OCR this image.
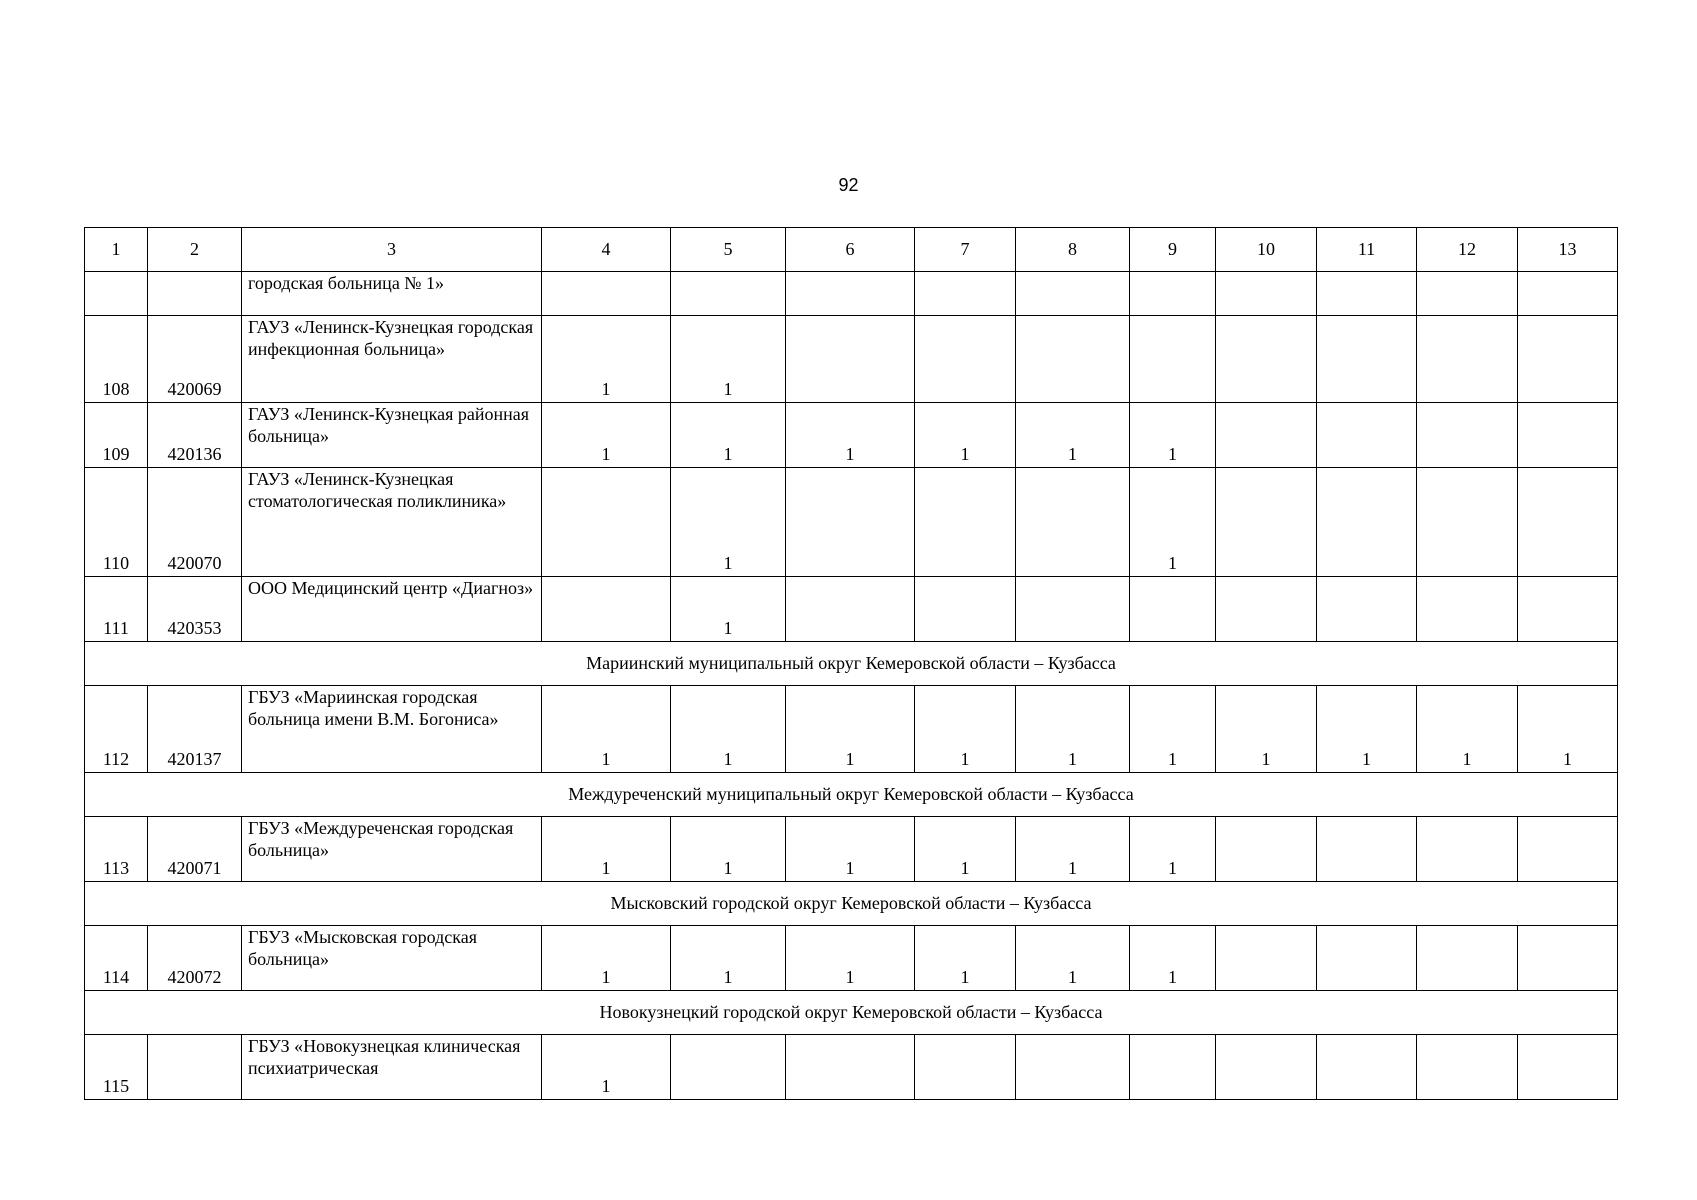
92
1	2	3	4	5	6	7	8	9	10	11	12	13
		городская больница № 1»										
108	420069	ГАУЗ «Ленинск-Кузнецкая городская инфекционная больница»	1	1								
109	420136	ГАУЗ «Ленинск-Кузнецкая районная больница»	1	1	1	1	1	1				
110	420070	ГАУЗ «Ленинск-Кузнецкая стоматологическая поликлиника»		1				1				
111	420353	ООО Медицинский центр «Диагноз»		1								
Мариинский муниципальный округ Кемеровской области – Кузбасса												
112	420137	ГБУЗ «Мариинская городская больница имени В.М. Богониса»	1	1	1	1	1	1	1	1	1	1
Междуреченский муниципальный округ Кемеровской области – Кузбасса												
113	420071	ГБУЗ «Междуреченская городская больница»	1	1	1	1	1	1				
Мысковский городской округ Кемеровской области – Кузбасса												
114	420072	ГБУЗ «Мысковская городская больница»	1	1	1	1	1	1				
Новокузнецкий городской округ Кемеровской области – Кузбасса												
115		ГБУЗ «Новокузнецкая клиническая психиатрическая	1									
